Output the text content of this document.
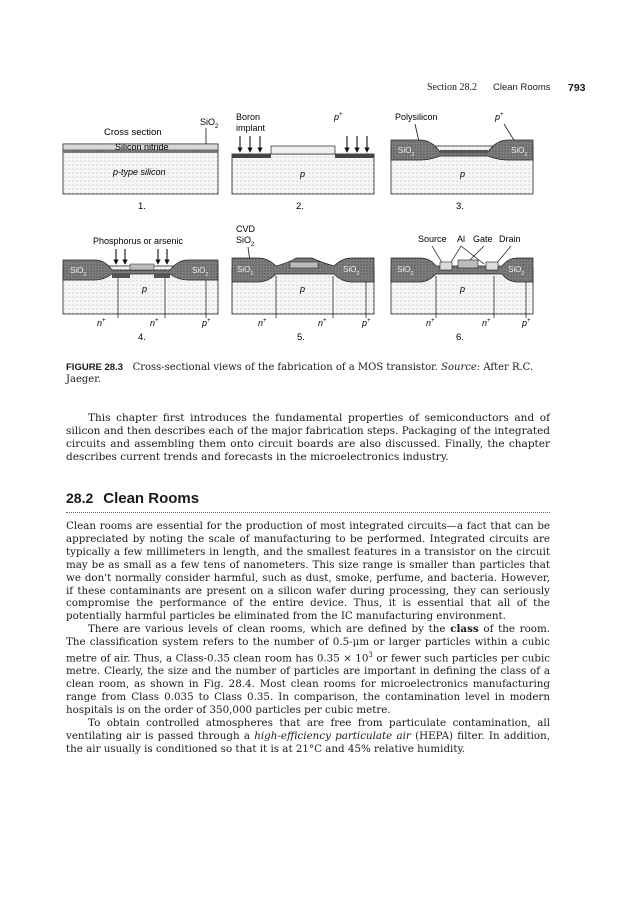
Section 28.2 Clean Rooms 793
SiO$_2$
Cross section
Silicon nitride
p-type silicon
1.
Boron
implant
p+
p
2.
Polysilicon	p+
SiO$_2$	SiO$_2$
p
3.
Phosphorus or arsenic
SiO$_2$	SiO$_2$
p
n+	n+	p+
4.
CVD
SiO$_2$
SiO$_2$	SiO$_2$
p
n+	n+	p+
5.
Source Al Gate Drain
SiO$_2$	SiO$_2$
p
n+	n+	p+
6.
FIGURE 28.3 Cross-sectional views of the fabrication of a MOS transistor. Source: After R.C. Jaeger.
This chapter first introduces the fundamental properties of semiconductors and of silicon and then describes each of the major fabrication steps. Packaging of the integrated circuits and assembling them onto circuit boards are also discussed. Finally, the chapter describes current trends and forecasts in the microelectronics industry.
28.2 Clean Rooms

Clean rooms are essential for the production of most integrated circuits—a fact that can be appreciated by noting the scale of manufacturing to be performed. Integrated circuits are typically a few millimeters in length, and the smallest features in a transistor on the circuit may be as small as a few tens of nanometers. This size range is smaller than particles that we don't normally consider harmful, such as dust, smoke, perfume, and bacteria. However, if these contaminants are present on a silicon wafer during processing, they can seriously compromise the performance of the entire device. Thus, it is essential that all of the potentially harmful particles be eliminated from the IC manufacturing environment.

There are various levels of clean rooms, which are defined by the class of the room. The classification system refers to the number of 0.5-μm or larger particles within a cubic metre of air. Thus, a Class-0.35 clean room has $0.35 \times 10^3$ or fewer such particles per cubic metre. Clearly, the size and the number of particles are important in defining the class of a clean room, as shown in Fig. 28.4. Most clean rooms for microelectronics manufacturing range from Class 0.035 to Class 0.35. In comparison, the contamination level in modern hospitals is on the order of 350,000 particles per cubic metre.

To obtain controlled atmospheres that are free from particulate contamination, all ventilating air is passed through a high-efficiency particulate air (HEPA) filter. In addition, the air usually is conditioned so that it is at 21°C and 45% relative humidity.
